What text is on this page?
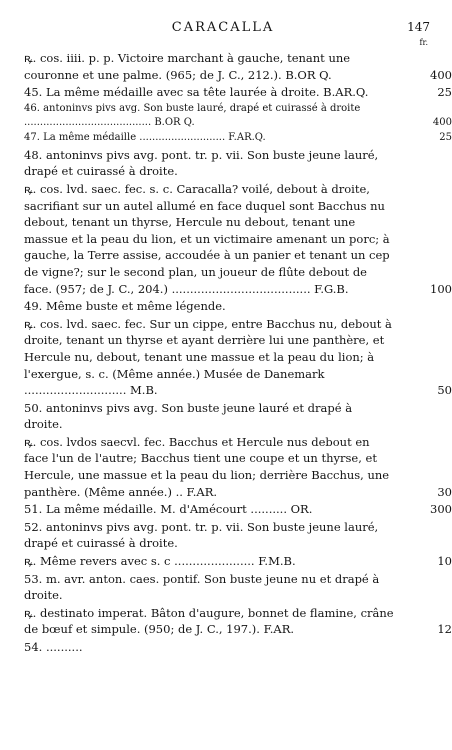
CARACALLA	147
fr.
ꝶ. cos. iiii. p. p. Victoire marchant à gauche, tenant une couronne et une palme. (965; de J. C., 212.). B.OR Q.	400
45. La même médaille avec sa tête laurée à droite. B.AR.Q.	25
46. antoninvs pivs avg. Son buste lauré, drapé et cuirassé à droite ........................................ B.OR Q.	400
47. La même médaille ........................... F.AR.Q.	25
48. antoninvs pivs avg. pont. tr. p. vii. Son buste jeune lauré, drapé et cuirassé à droite.
ꝶ. cos. lvd. saec. fec. s. c. Caracalla? voilé, debout à droite, sacrifiant sur un autel allumé en face duquel sont Bacchus nu debout, tenant un thyrse, Hercule nu debout, tenant une massue et la peau du lion, et un victimaire amenant un porc; à gauche, la Terre assise, accoudée à un panier et tenant un cep de vigne?; sur le second plan, un joueur de flûte debout de face. (957; de J. C., 204.) ...................................... F.G.B.	100
49. Même buste et même légende.
ꝶ. cos. lvd. saec. fec. Sur un cippe, entre Bacchus nu, debout à droite, tenant un thyrse et ayant derrière lui une panthère, et Hercule nu, debout, tenant une massue et la peau du lion; à l'exergue, s. c. (Même année.) Musée de Danemark ............................ M.B.	50
50. antoninvs pivs avg. Son buste jeune lauré et drapé à droite.
ꝶ. cos. lvdos saecvl. fec. Bacchus et Hercule nus debout en face l'un de l'autre; Bacchus tient une coupe et un thyrse, et Hercule, une massue et la peau du lion; derrière Bacchus, une panthère. (Même année.) .. F.AR.	30
51. La même médaille. M. d'Amécourt .......... OR.	300
52. antoninvs pivs avg. pont. tr. p. vii. Son buste jeune lauré, drapé et cuirassé à droite.
ꝶ. Même revers avec s. c ...................... F.M.B.	10
53. m. avr. anton. caes. pontif. Son buste jeune nu et drapé à droite.
ꝶ. destinato imperat. Bâton d'augure, bonnet de flamine, crâne de bœuf et simpule. (950; de J. C., 197.). F.AR.	12
54. ..........
